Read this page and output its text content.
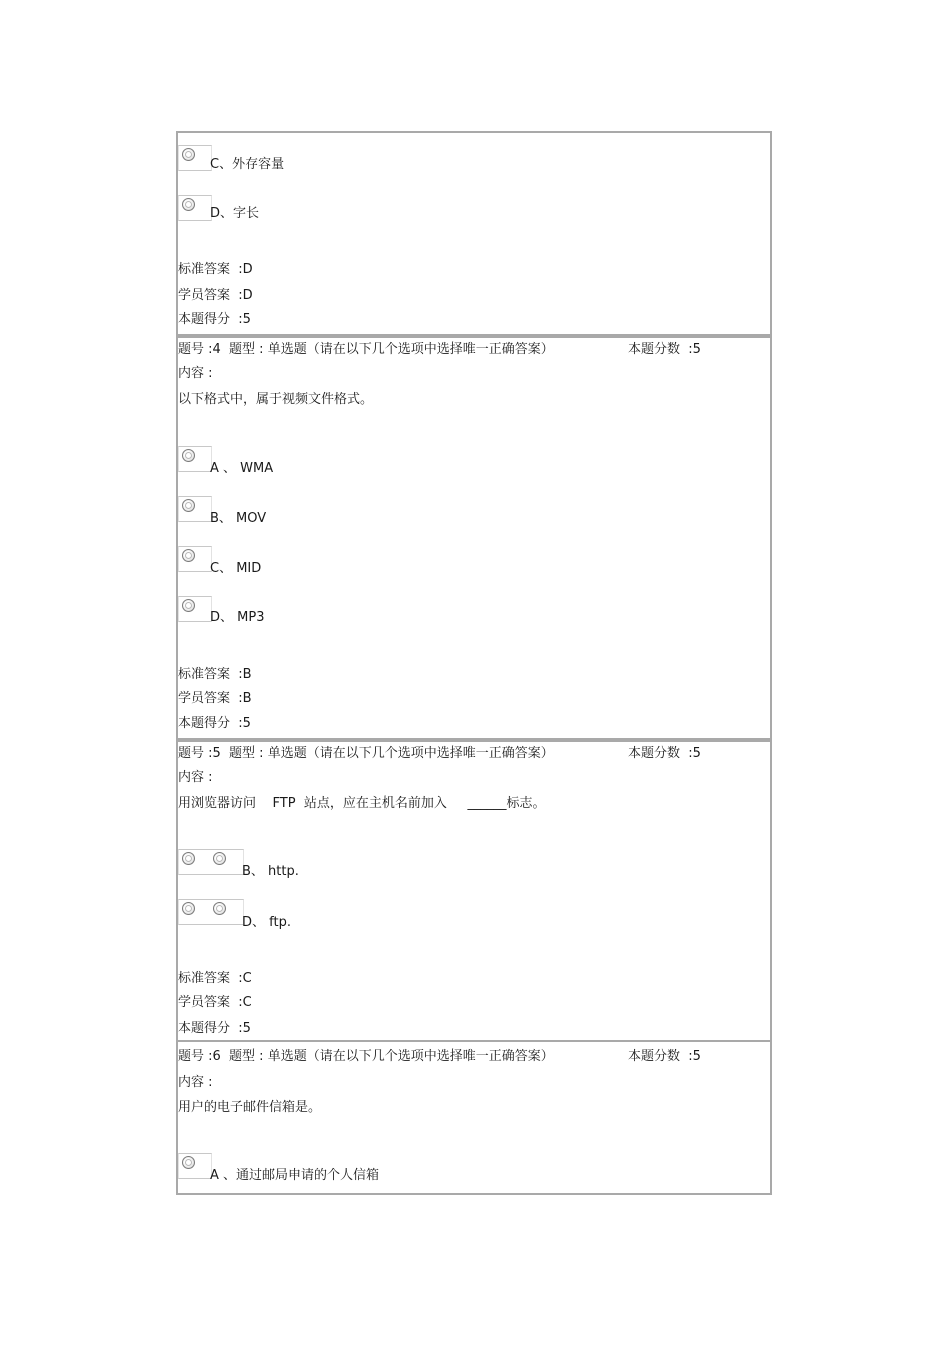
C、外存容量
D、字长
标准答案  :D
学员答案  :D
本题得分  :5
题号 :4  题型 : 单选题（请在以下几个选项中选择唯一正确答案）	本题分数  :5
内容 :
以下格式中，属于视频文件格式。
A 、 WMA
B、 MOV
C、 MID
D、 MP3
标准答案  :B
学员答案  :B
本题得分  :5
题号 :5  题型 : 单选题（请在以下几个选项中选择唯一正确答案）	本题分数  :5
内容 :
用浏览器访问    FTP  站点，应在主机名前加入     ______标志。
B、 http.
D、 ftp.
标准答案  :C
学员答案  :C
本题得分  :5
题号 :6  题型 : 单选题（请在以下几个选项中选择唯一正确答案）	本题分数  :5
内容 :
用户的电子邮件信箱是。
A 、通过邮局申请的个人信箱
